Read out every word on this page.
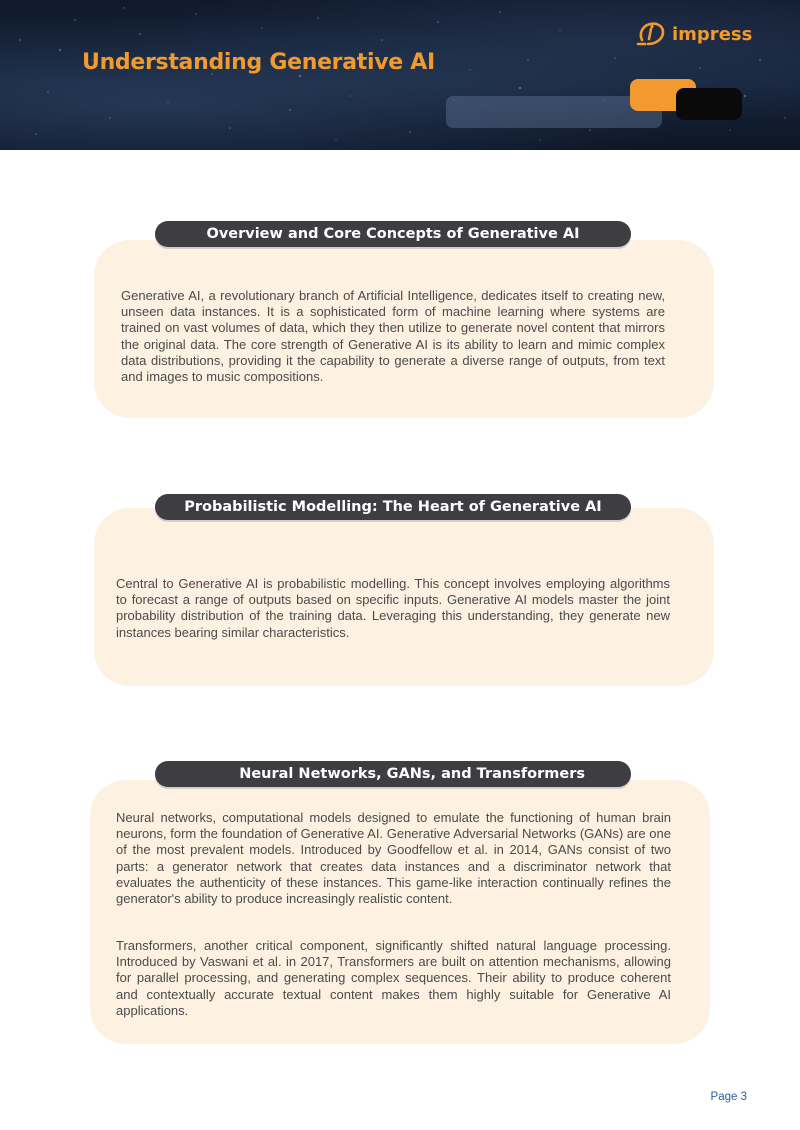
Understanding Generative AI
impress

Generative AI, a revolutionary branch of Artificial Intelligence, dedicates itself to creating new, unseen data instances. It is a sophisticated form of machine learning where systems are trained on vast volumes of data, which they then utilize to generate novel content that mirrors the original data. The core strength of Generative AI is its ability to learn and mimic complex data distributions, providing it the capability to generate a diverse range of outputs, from text and images to music compositions.

Overview and Core Concepts of Generative AI

Central to Generative AI is probabilistic modelling. This concept involves employing algorithms to forecast a range of outputs based on specific inputs. Generative AI models master the joint probability distribution of the training data. Leveraging this understanding, they generate new instances bearing similar characteristics.

Probabilistic Modelling: The Heart of Generative AI

Neural networks, computational models designed to emulate the functioning of human brain neurons, form the foundation of Generative AI. Generative Adversarial Networks (GANs) are one of the most prevalent models. Introduced by Goodfellow et al. in 2014, GANs consist of two parts: a generator network that creates data instances and a discriminator network that evaluates the authenticity of these instances. This game-like interaction continually refines the generator's ability to produce increasingly realistic content.

Transformers, another critical component, significantly shifted natural language processing. Introduced by Vaswani et al. in 2017, Transformers are built on attention mechanisms, allowing for parallel processing, and generating complex sequences. Their ability to produce coherent and contextually accurate textual content makes them highly suitable for Generative AI applications.

Neural Networks, GANs, and Transformers
Page 3
